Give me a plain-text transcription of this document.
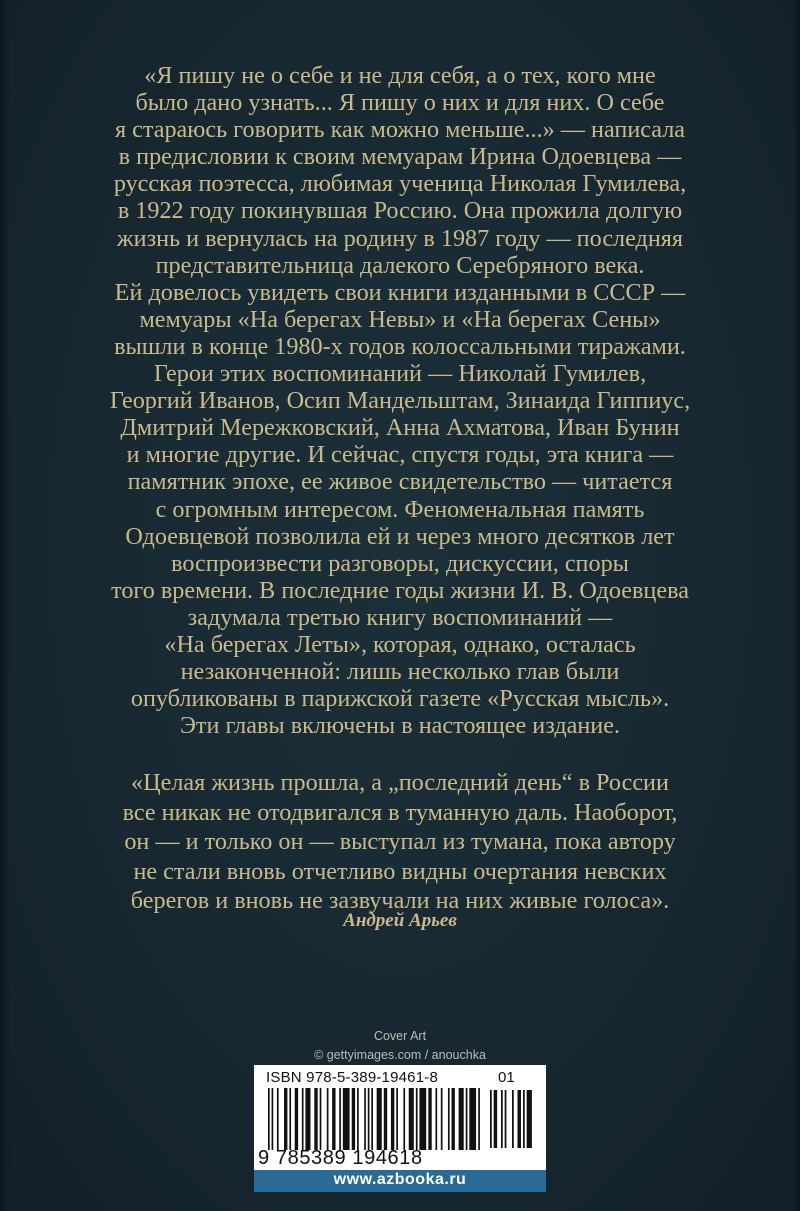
«Я пишу не о себе и не для себя, а о тех, кого мне
было дано узнать... Я пишу о них и для них. О себе
я стараюсь говорить как можно меньше...» — написала
в предисловии к своим мемуарам Ирина Одоевцева —
русская поэтесса, любимая ученица Николая Гумилева,
в 1922 году покинувшая Россию. Она прожила долгую
жизнь и вернулась на родину в 1987 году — последняя
представительница далекого Серебряного века.
Ей довелось увидеть свои книги изданными в СССР —
мемуары «На берегах Невы» и «На берегах Сены»
вышли в конце 1980-х годов колоссальными тиражами.
Герои этих воспоминаний — Николай Гумилев,
Георгий Иванов, Осип Мандельштам, Зинаида Гиппиус,
Дмитрий Мережковский, Анна Ахматова, Иван Бунин
и многие другие. И сейчас, спустя годы, эта книга —
памятник эпохе, ее живое свидетельство — читается
с огромным интересом. Феноменальная память
Одоевцевой позволила ей и через много десятков лет
воспроизвести разговоры, дискуссии, споры
того времени. В последние годы жизни И. В. Одоевцева
задумала третью книгу воспоминаний —
«На берегах Леты», которая, однако, осталась
незаконченной: лишь несколько глав были
опубликованы в парижской газете «Русская мысль».
Эти главы включены в настоящее издание.
«Целая жизнь прошла, а „последний день“ в России
все никак не отодвигался в туманную даль. Наоборот,
он — и только он — выступал из тумана, пока автору
не стали вновь отчетливо видны очертания невских
берегов и вновь не зазвучали на них живые голоса».
Андрей Арьев
Cover Art
© gettyimages.com / anouchka
ISBN 978-5-389-19461-8	01
9 785389 194618
www.azbooka.ru
